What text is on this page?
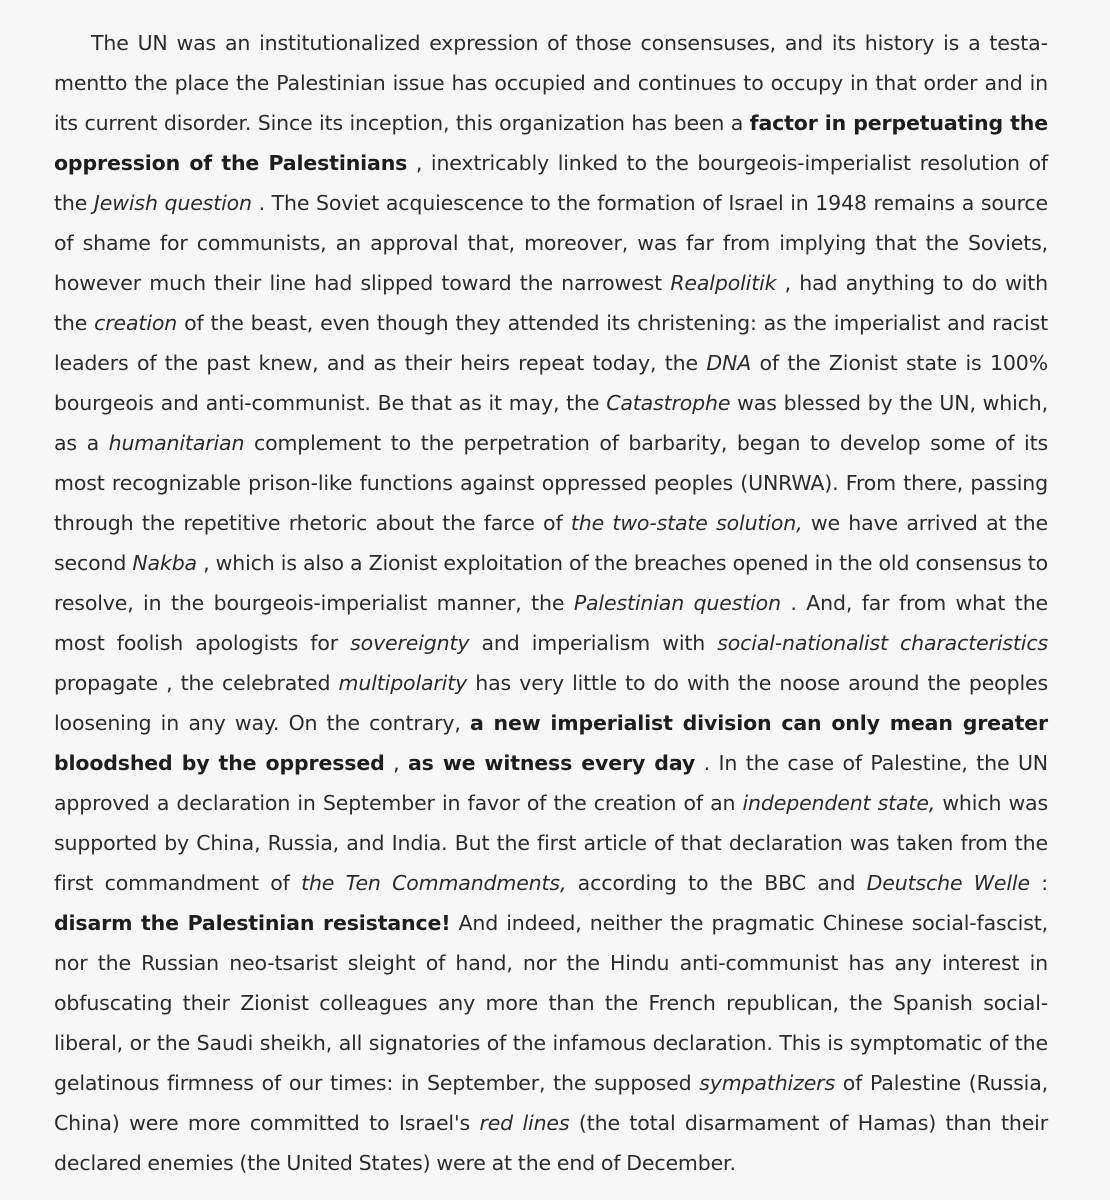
The UN was an institutionalized expression of those consensuses, and its history is a testamentto the place the Palestinian issue has occupied and continues to occupy in that order and in its current disorder. Since its inception, this organization has been a factor in perpetuating the oppression of the Palestinians , inextricably linked to the bourgeois-imperialist resolution of the Jewish question . The Soviet acquiescence to the formation of Israel in 1948 remains a source of shame for communists, an approval that, moreover, was far from implying that the Soviets, however much their line had slipped toward the narrowest Realpolitik , had anything to do with the creation of the beast, even though they attended its christening: as the imperialist and racist leaders of the past knew, and as their heirs repeat today, the DNA of the Zionist state is 100% bourgeois and anti-communist. Be that as it may, the Catastrophe was blessed by the UN, which, as a humanitarian complement to the perpetration of barbarity, began to develop some of its most recognizable prison-like functions against oppressed peoples (UNRWA). From there, passing through the repetitive rhetoric about the farce of the two-state solution, we have arrived at the second Nakba , which is also a Zionist exploitation of the breaches opened in the old consensus to resolve, in the bourgeois-imperialist manner, the Palestinian question . And, far from what the most foolish apologists for sovereignty and imperialism with social-nationalist characteristics propagate , the celebrated multipolarity has very little to do with the noose around the peoples loosening in any way. On the contrary, a new imperialist division can only mean greater bloodshed by the oppressed , as we witness every day . In the case of Palestine, the UN approved a declaration in September in favor of the creation of an independent state, which was supported by China, Russia, and India. But the first article of that declaration was taken from the first commandment of the Ten Commandments, according to the BBC and Deutsche Welle : disarm the Palestinian resistance! And indeed, neither the pragmatic Chinese social-fascist, nor the Russian neo-tsarist sleight of hand, nor the Hindu anti-communist has any interest in obfuscating their Zionist colleagues any more than the French republican, the Spanish social-liberal, or the Saudi sheikh, all signatories of the infamous declaration. This is symptomatic of the gelatinous firmness of our times: in September, the supposed sympathizers of Palestine (Russia, China) were more committed to Israel's red lines (the total disarmament of Hamas) than their declared enemies (the United States) were at the end of December.
